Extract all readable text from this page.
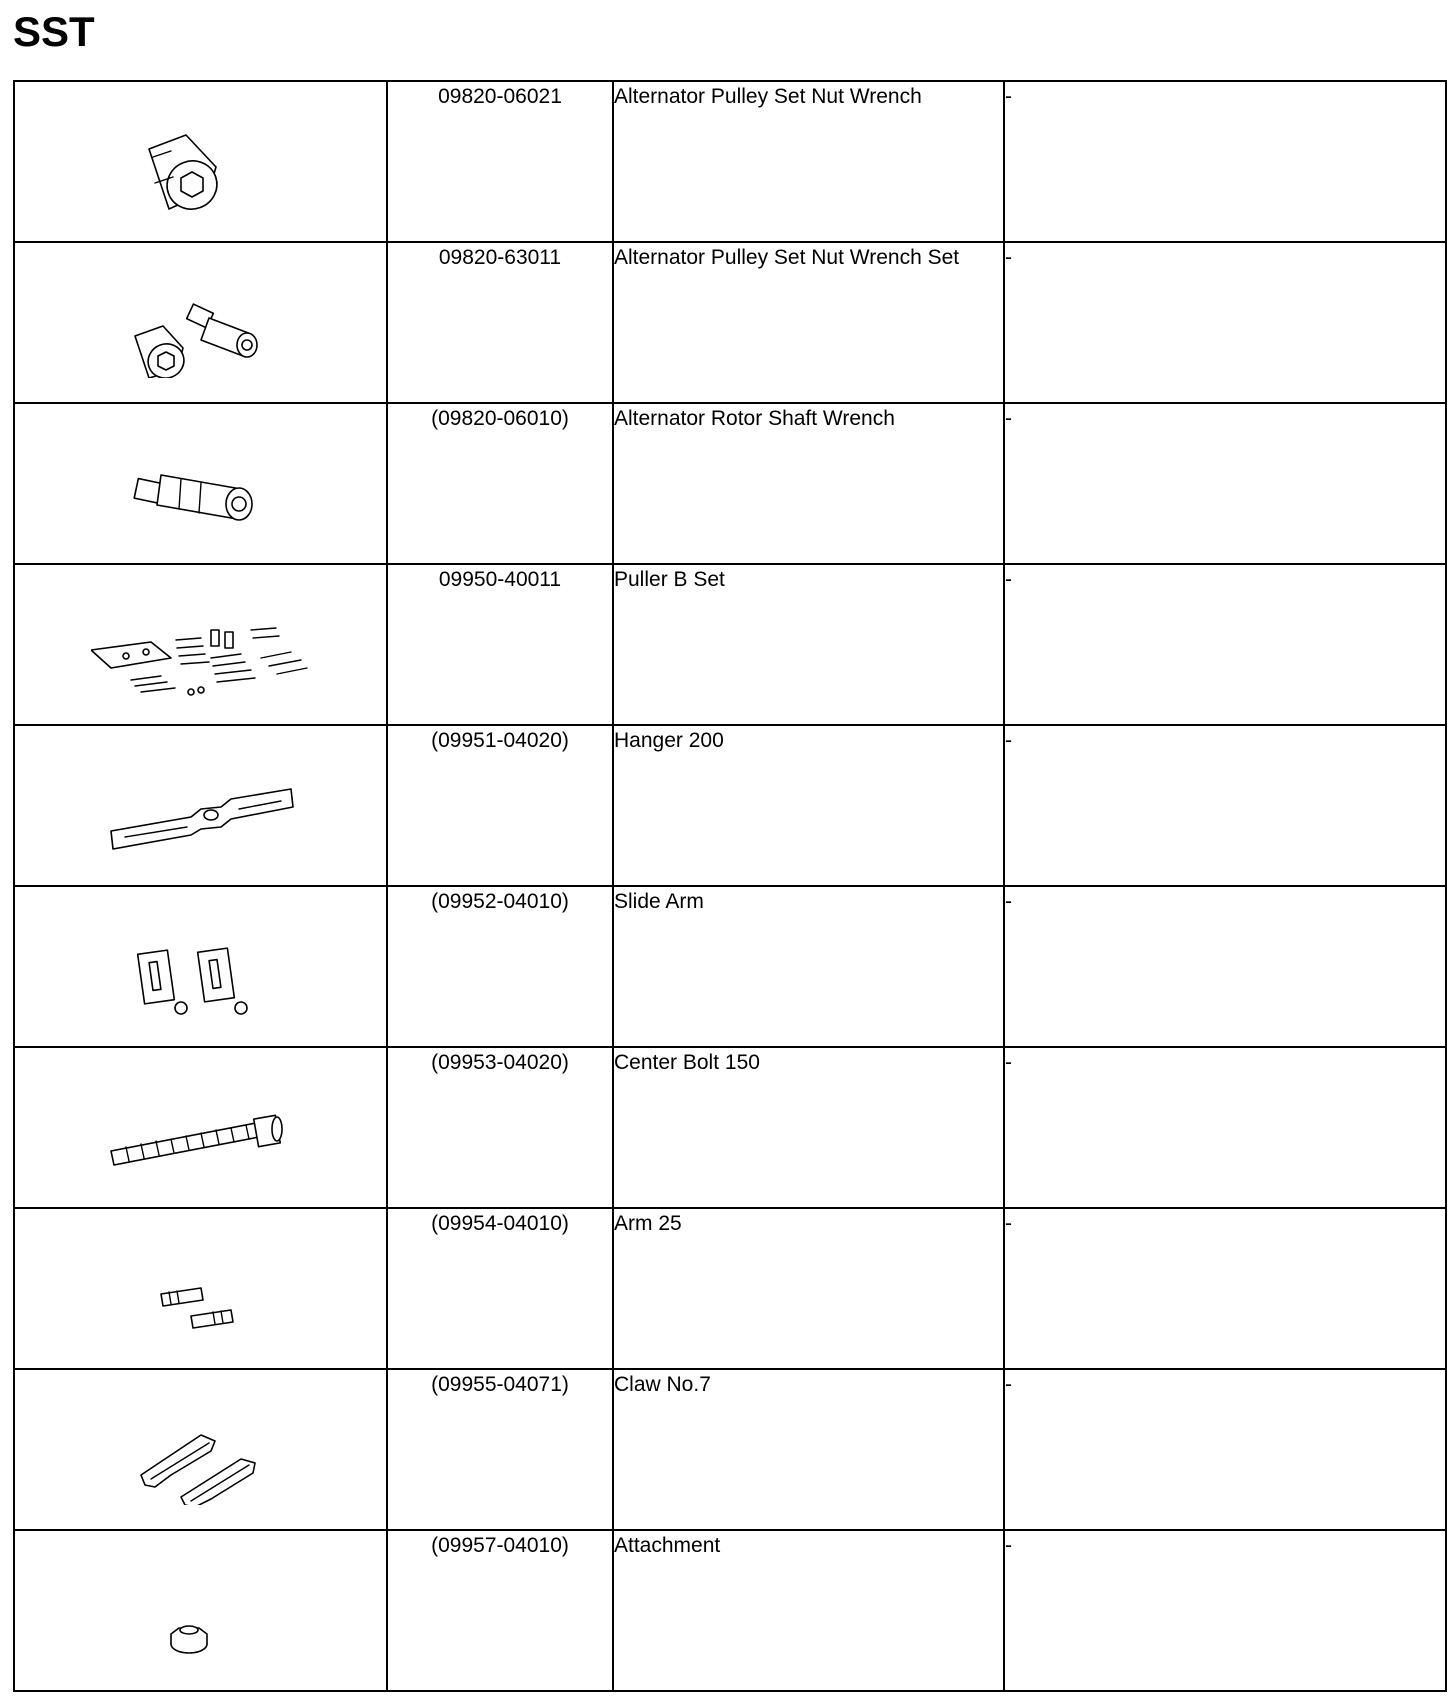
SST
	09820-06021	Alternator Pulley Set Nut Wrench	-

	09820-63011	Alternator Pulley Set Nut Wrench Set	-

	(09820-06010)	Alternator Rotor Shaft Wrench	-

	09950-40011	Puller B Set	-

	(09951-04020)	Hanger 200	-

	(09952-04010)	Slide Arm	-

	(09953-04020)	Center Bolt 150	-

	(09954-04010)	Arm 25	-

	(09955-04071)	Claw No.7	-

	(09957-04010)	Attachment	-
